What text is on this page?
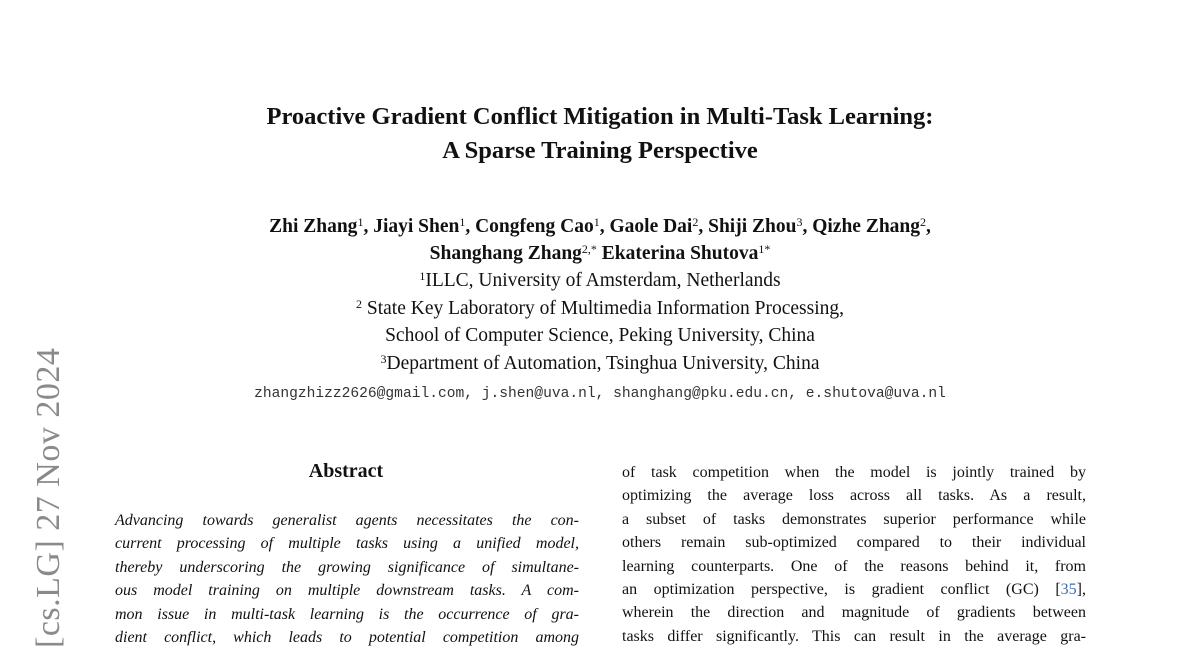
[cs.LG] 27 Nov 2024
Proactive Gradient Conflict Mitigation in Multi-Task Learning:
A Sparse Training Perspective
Zhi Zhang$^1$, Jiayi Shen$^1$, Congfeng Cao$^1$, Gaole Dai$^2$, Shiji Zhou$^3$, Qizhe Zhang$^2$,
Shanghang Zhang$^{2,*}$ Ekaterina Shutova$^{1*}$
$^1$ILLC, University of Amsterdam, Netherlands
$^2$ State Key Laboratory of Multimedia Information Processing,
School of Computer Science, Peking University, China
$^3$Department of Automation, Tsinghua University, China
zhangzhizz2626@gmail.com, j.shen@uva.nl, shanghang@pku.edu.cn, e.shutova@uva.nl
Abstract
Advancing towards generalist agents necessitates the con-
current processing of multiple tasks using a unified model,
thereby underscoring the growing significance of simultane-
ous model training on multiple downstream tasks. A com-
mon issue in multi-task learning is the occurrence of gra-
dient conflict, which leads to potential competition among
of task competition when the model is jointly trained by
optimizing the average loss across all tasks. As a result,
a subset of tasks demonstrates superior performance while
others remain sub-optimized compared to their individual
learning counterparts. One of the reasons behind it, from
an optimization perspective, is gradient conflict (GC) [35],
wherein the direction and magnitude of gradients between
tasks differ significantly. This can result in the average gra-
